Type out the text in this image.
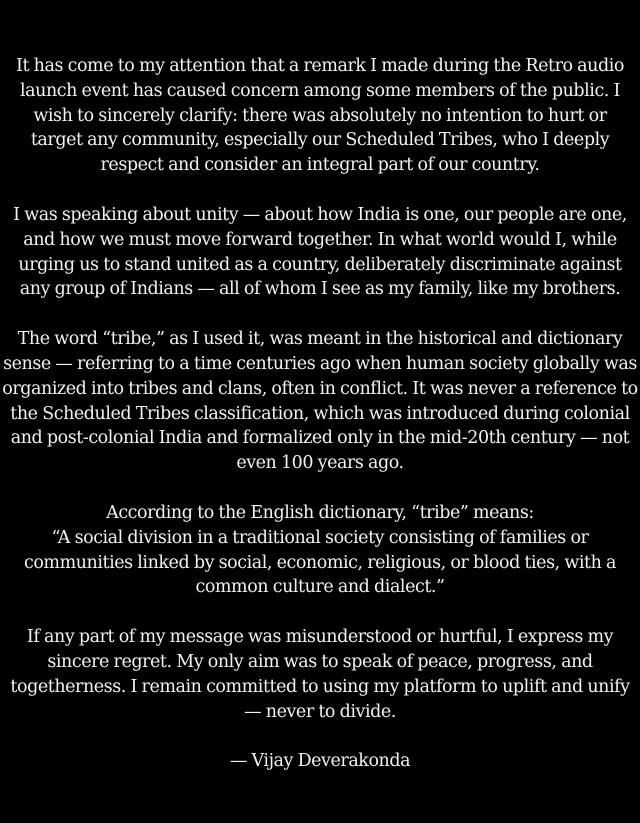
It has come to my attention that a remark I made during the Retro audio
launch event has caused concern among some members of the public. I
wish to sincerely clarify: there was absolutely no intention to hurt or
target any community, especially our Scheduled Tribes, who I deeply
respect and consider an integral part of our country.
I was speaking about unity — about how India is one, our people are one,
and how we must move forward together. In what world would I, while
urging us to stand united as a country, deliberately discriminate against
any group of Indians — all of whom I see as my family, like my brothers.
The word “tribe,” as I used it, was meant in the historical and dictionary
sense — referring to a time centuries ago when human society globally was
organized into tribes and clans, often in conflict. It was never a reference to
the Scheduled Tribes classification, which was introduced during colonial
and post-colonial India and formalized only in the mid-20th century — not
even 100 years ago.
According to the English dictionary, “tribe” means:
“A social division in a traditional society consisting of families or
communities linked by social, economic, religious, or blood ties, with a
common culture and dialect.”
If any part of my message was misunderstood or hurtful, I express my
sincere regret. My only aim was to speak of peace, progress, and
togetherness. I remain committed to using my platform to uplift and unify
— never to divide.
— Vijay Deverakonda
